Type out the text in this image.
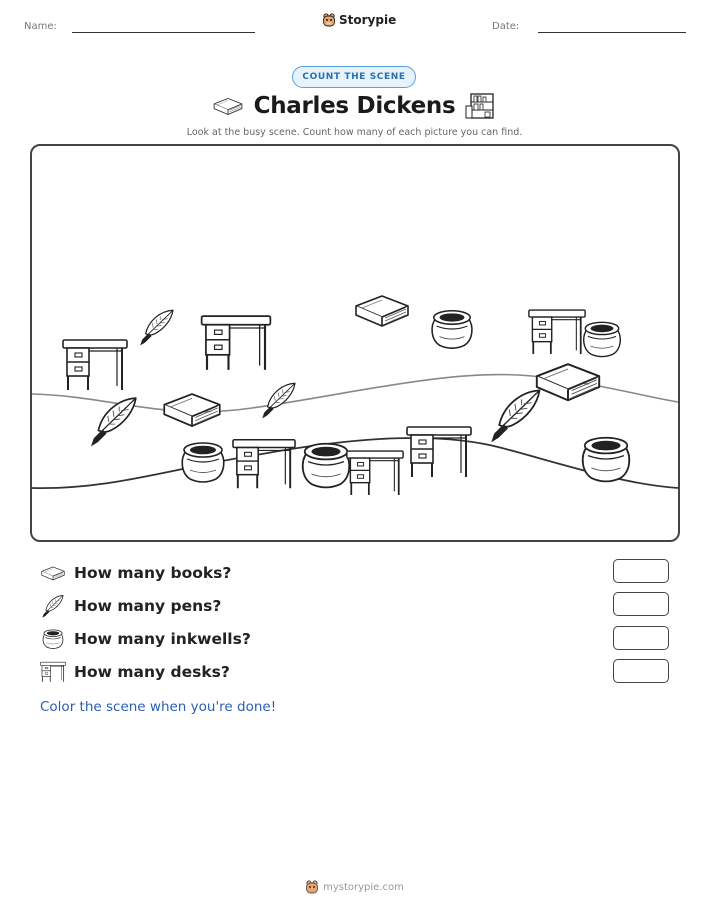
Name:	Storypie	Date:
COUNT THE SCENE
Charles Dickens
Look at the busy scene. Count how many of each picture you can find.
How many books?
How many pens?
How many inkwells?
How many desks?
Color the scene when you're done!
mystorypie.com
